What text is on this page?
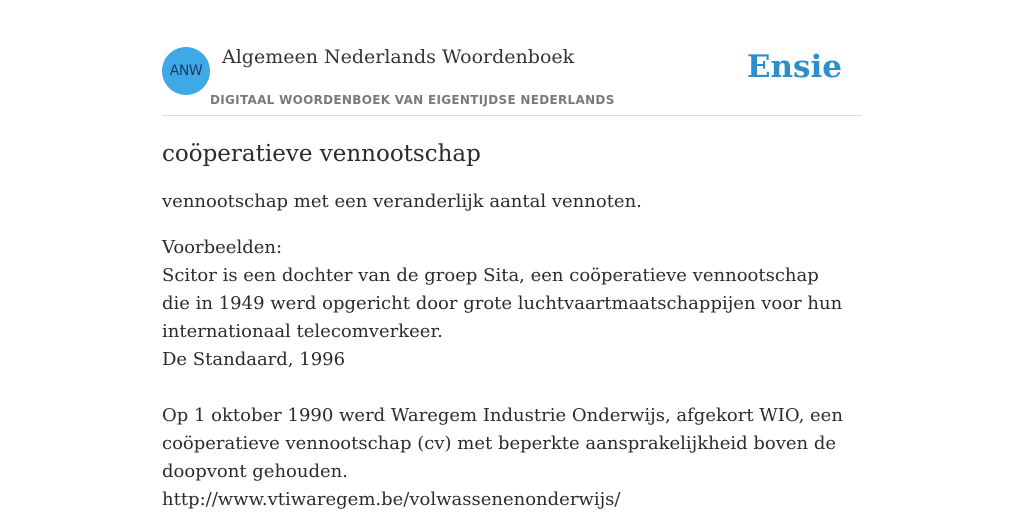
ANW
Algemeen Nederlands Woordenboek
DIGITAAL WOORDENBOEK VAN EIGENTIJDSE NEDERLANDS
Ensie
coöperatieve vennootschap

vennootschap met een veranderlijk aantal vennoten.

Voorbeelden:
Scitor is een dochter van de groep Sita, een coöperatieve vennootschap die in 1949 werd opgericht door grote luchtvaartmaatschappijen voor hun internationaal telecomverkeer.
De Standaard, 1996
Op 1 oktober 1990 werd Waregem Industrie Onderwijs, afgekort WIO, een coöperatieve vennootschap (cv) met beperkte aansprakelijkheid boven de doopvont gehouden.
http://www.vtiwaregem.be/volwassenenonderwijs/
